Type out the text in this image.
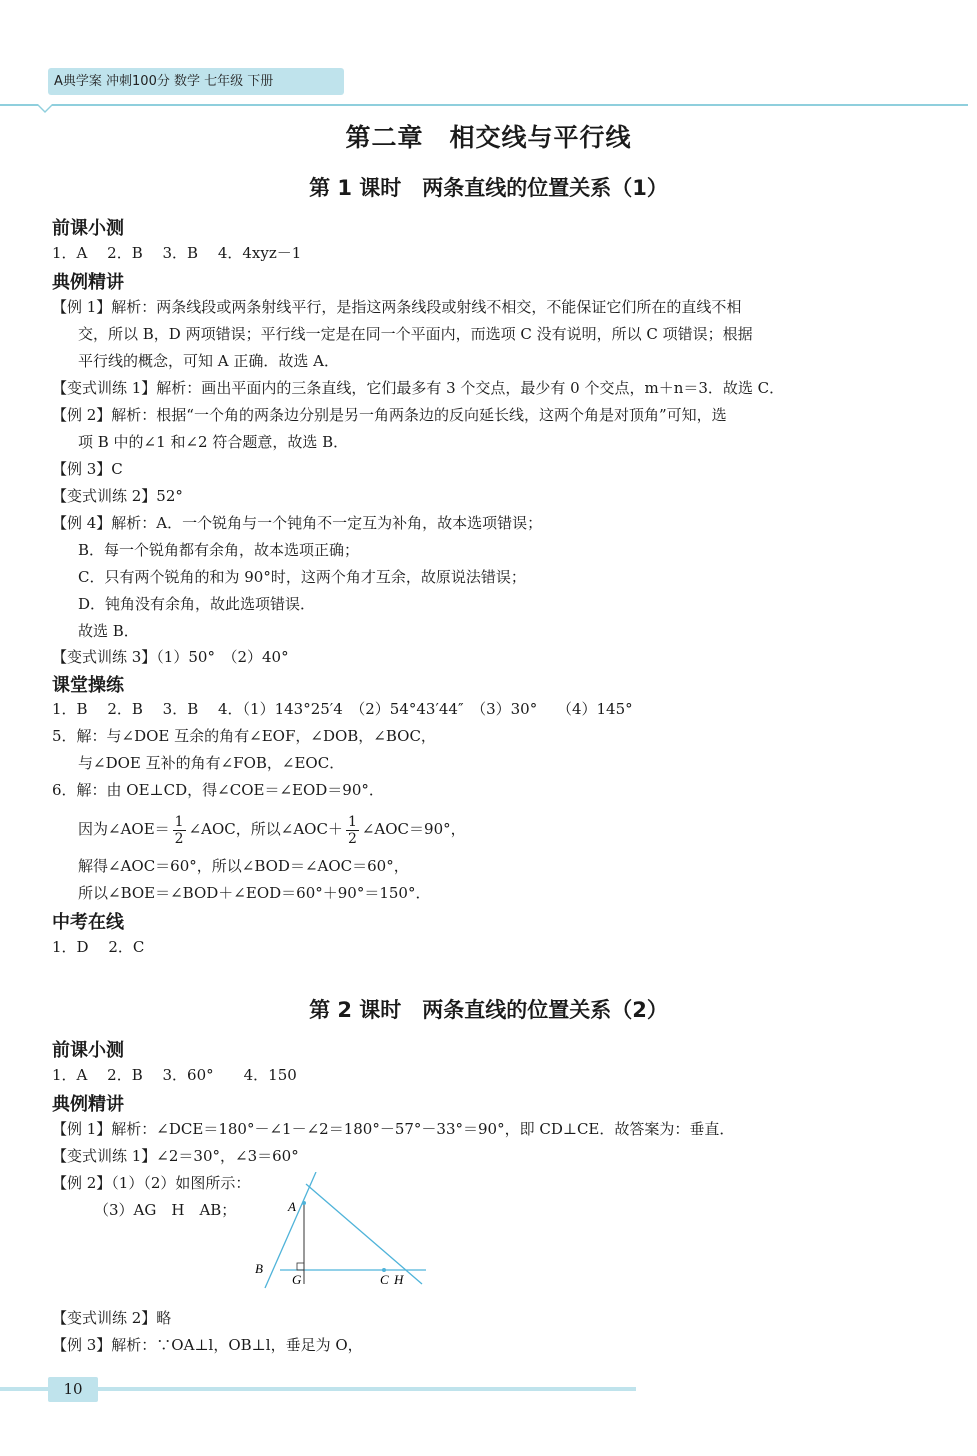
A典学案 冲刺100分 数学 七年级 下册
第二章　相交线与平行线
第 1 课时　两条直线的位置关系（1）
前课小测
1．A　 2．B　 3．B　 4．4xyz－1
典例精讲
【例 1】解析：两条线段或两条射线平行，是指这两条线段或射线不相交，不能保证它们所在的直线不相
交，所以 B，D 两项错误；平行线一定是在同一个平面内，而选项 C 没有说明，所以 C 项错误；根据
平行线的概念，可知 A 正确．故选 A．
【变式训练 1】解析：画出平面内的三条直线，它们最多有 3 个交点，最少有 0 个交点，m＋n＝3．故选 C．
【例 2】解析：根据“一个角的两条边分别是另一角两条边的反向延长线，这两个角是对顶角”可知，选
项 B 中的∠1 和∠2 符合题意，故选 B．
【例 3】C
【变式训练 2】52°
【例 4】解析：A．一个锐角与一个钝角不一定互为补角，故本选项错误；
B．每一个锐角都有余角，故本选项正确；
C．只有两个锐角的和为 90°时，这两个角才互余，故原说法错误；
D．钝角没有余角，故此选项错误．
故选 B．
【变式训练 3】（1）50°　（2）40°
课堂操练
1．B　 2．B　 3．B　 4．（1）143°25′4　（2）54°43′44″　（3）30°　 （4）145°
5．解：与∠DOE 互余的角有∠EOF，∠DOB，∠BOC，
与∠DOE 互补的角有∠FOB，∠EOC．
6．解：由 OE⊥CD，得∠COE＝∠EOD＝90°．
因为∠AOE＝ $\frac{1}{2}$ ∠AOC，所以∠AOC＋ $\frac{1}{2}$ ∠AOC＝90°，
解得∠AOC＝60°，所以∠BOD＝∠AOC＝60°，
所以∠BOE＝∠BOD＋∠EOD＝60°＋90°＝150°．
中考在线
1．D　 2．C
第 2 课时　两条直线的位置关系（2）
前课小测
1．A　 2．B　 3．60°　　4．150
典例精讲
【例 1】解析：∠DCE＝180°－∠1－∠2＝180°－57°－33°＝90°，即 CD⊥CE．故答案为：垂直．
【变式训练 1】∠2＝30°，∠3＝60°
【例 2】（1）（2）如图所示：
（3）AG　H　AB；	A
B
G	C H
【变式训练 2】略
【例 3】解析：∵OA⊥l，OB⊥l，垂足为 O，
10
